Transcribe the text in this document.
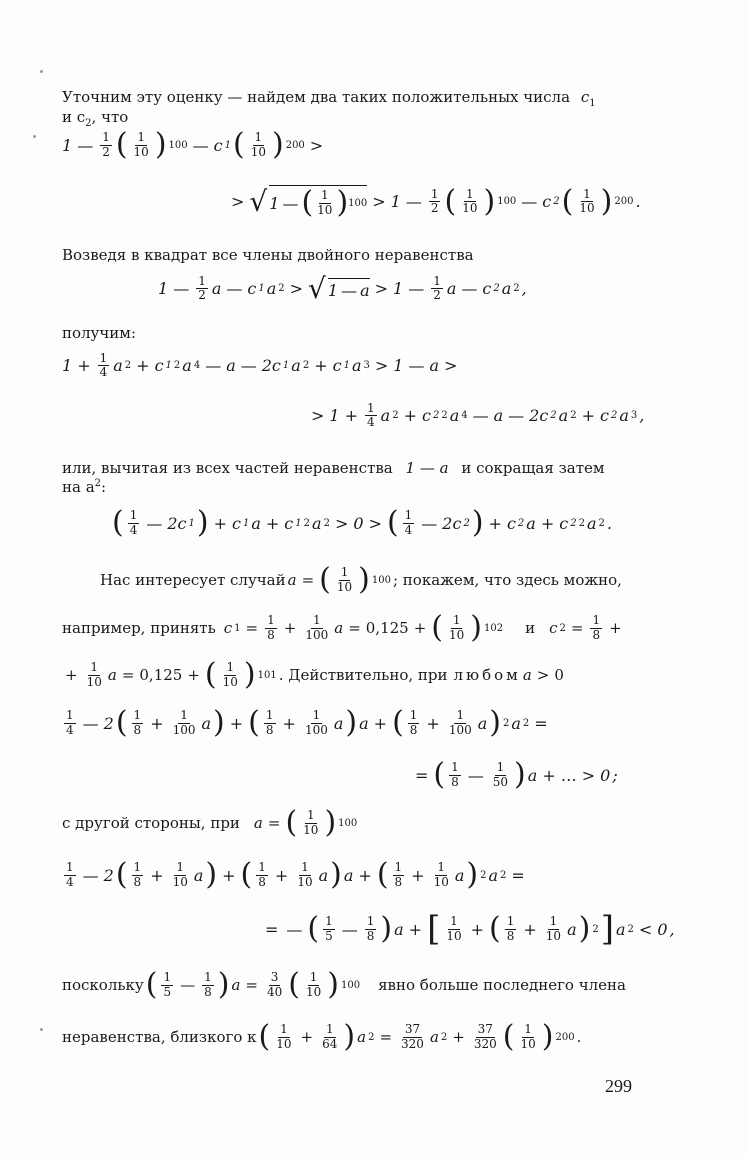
Уточним эту оценку — найдем два таких положительных числа $c_1$
и $c_2$, что
1 — $\frac{1}{2}$ ( $\frac{1}{10}$ ) 100 — c 1 ( $\frac{1}{10}$ ) 200 >
> √ 1 — ( $\frac{1}{10}$ ) 100 > 1 — $\frac{1}{2}$ ( $\frac{1}{10}$ ) 100 — c 2 ( $\frac{1}{10}$ ) 200 .
Возведя в квадрат все члены двойного неравенства
1 — $\frac{1}{2}$ a — c 1 a 2 > √ 1 — a > 1 — $\frac{1}{2}$ a — c 2 a 2 ,
получим:
$1 + \frac{1}{4}$ a 2 + c 1 2 a 4 — a — 2c 1 a 2 + c 1 a 3 > 1 — a >
> $1 + \frac{1}{4}$ a 2 + c 2 2 a 4 — a — 2c 2 a 2 + c 2 a 3 ,
или, вычитая из всех частей неравенства 1 — a и сокращая затем
на $a^2$:
( $\frac{1}{4}$ — 2c 1 ) + c 1 a + c 1 2 a 2 > 0 > ( $\frac{1}{4}$ — 2c 2 ) + c 2 a + c 2 2 a 2 .
Нас интересует случай a = ( $\frac{1}{10}$ ) 100 ; покажем, что здесь можно,
например, принять c $1 = \frac{1}{8} + \frac{1}{100}$ a = 0,125 + ( $\frac{1}{10}$ ) 102 и c $2 = \frac{1}{8}$ +
+ $\frac{1}{10}$ a = 0,125 + ( $\frac{1}{10}$ ) 101 . Действительно, при любом a > 0
$\frac{1}{4}$ — 2 ( $\frac{1}{8} + \frac{1}{100}$ a ) + ( $\frac{1}{8} + \frac{1}{100}$ a ) a + ( $\frac{1}{8} + \frac{1}{100}$ a ) 2 a 2 =
= ( $\frac{1}{8}$ — $\frac{1}{50}$ ) a + … > 0 ;
с другой стороны, при a = ( $\frac{1}{10}$ ) 100
$\frac{1}{4}$ — 2 ( $\frac{1}{8} + \frac{1}{10}$ a ) + ( $\frac{1}{8} + \frac{1}{10}$ a ) a + ( $\frac{1}{8} + \frac{1}{10}$ a ) 2 a 2 =
= — ( $\frac{1}{5}$ — $\frac{1}{8}$ ) a + [ $\frac{1}{10}$ + ( $\frac{1}{8} + \frac{1}{10}$ a ) 2 ] a 2 < 0 ,
поскольку ( $\frac{1}{5}$ — $\frac{1}{8}$ ) $a = \frac{3}{40}$ ( $\frac{1}{10}$ ) 100 явно больше последнего члена
неравенства, близкого к ( $\frac{1}{10} + \frac{1}{64}$ ) a $2 = \frac{37}{320}$ a $2 + \frac{37}{320}$ ( $\frac{1}{10}$ ) 200 .
299
